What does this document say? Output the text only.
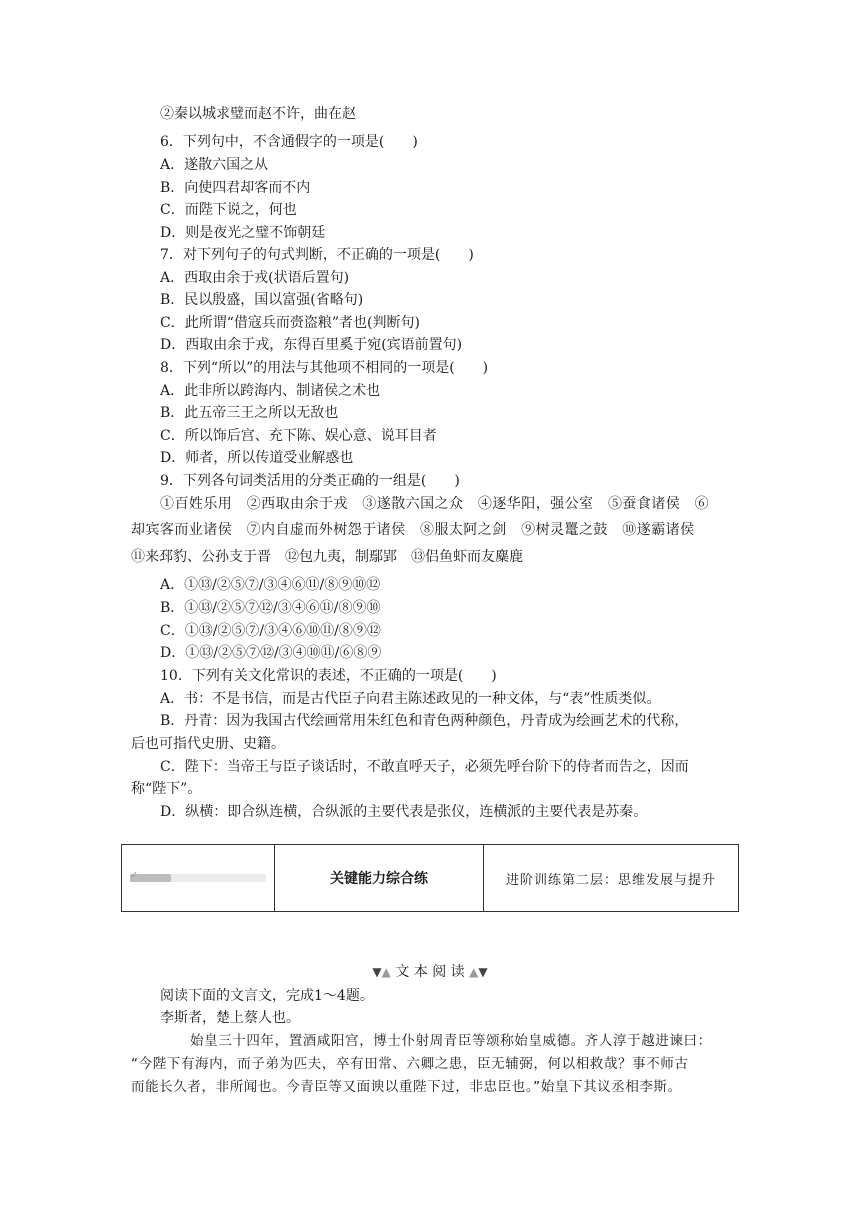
②秦以城求璧而赵不许，曲在赵
6．下列句中，不含通假字的一项是(　　)
A．遂散六国之从
B．向使四君却客而不内
C．而陛下说之，何也
D．则是夜光之璧不饰朝廷
7．对下列句子的句式判断，不正确的一项是(　　)
A．西取由余于戎(状语后置句)
B．民以殷盛，国以富强(省略句)
C．此所谓“借寇兵而赍盗粮”者也(判断句)
D．西取由余于戎，东得百里奚于宛(宾语前置句)
8．下列“所以”的用法与其他项不相同的一项是(　　)
A．此非所以跨海内、制诸侯之术也
B．此五帝三王之所以无敌也
C．所以饰后宫、充下陈、娱心意、说耳目者
D．师者，所以传道受业解惑也
9．下列各句词类活用的分类正确的一组是(　　)
①百姓乐用　②西取由余于戎　③遂散六国之众　④逐华阳，强公室　⑤蚕食诸侯　⑥
却宾客而业诸侯　⑦内自虚而外树怨于诸侯　⑧服太阿之剑　⑨树灵鼍之鼓　⑩遂霸诸侯
⑪来邳豹、公孙支于晋　⑫包九夷，制鄢郢　⑬侣鱼虾而友麋鹿
A．①⑬/②⑤⑦/③④⑥⑪/⑧⑨⑩⑫
B．①⑬/②⑤⑦⑫/③④⑥⑪/⑧⑨⑩
C．①⑬/②⑤⑦/③④⑥⑩⑪/⑧⑨⑫
D．①⑬/②⑤⑦⑫/③④⑩⑪/⑥⑧⑨
10．下列有关文化常识的表述，不正确的一项是(　　)
A．书：不是书信，而是古代臣子向君主陈述政见的一种文体，与“表”性质类似。
B．丹青：因为我国古代绘画常用朱红色和青色两种颜色，丹青成为绘画艺术的代称，
后也可指代史册、史籍。
C．陛下：当帝王与臣子谈话时，不敢直呼天子，必须先呼台阶下的侍者而告之，因而
称“陛下”。
D．纵横：即合纵连横，合纵派的主要代表是张仪，连横派的主要代表是苏秦。
✓	关键能力综合练	进阶训练第二层：思维发展与提升
▼▲ 文 本 阅 读 ▲▼
阅读下面的文言文，完成1～4题。
李斯者，楚上蔡人也。
始皇三十四年，置酒咸阳宫，博士仆射周青臣等颂称始皇威德。齐人淳于越进谏曰：
“今陛下有海内，而子弟为匹夫，卒有田常、六卿之患，臣无辅弼，何以相救哉？事不师古
而能长久者，非所闻也。今青臣等又面谀以重陛下过，非忠臣也。”始皇下其议丞相李斯。
